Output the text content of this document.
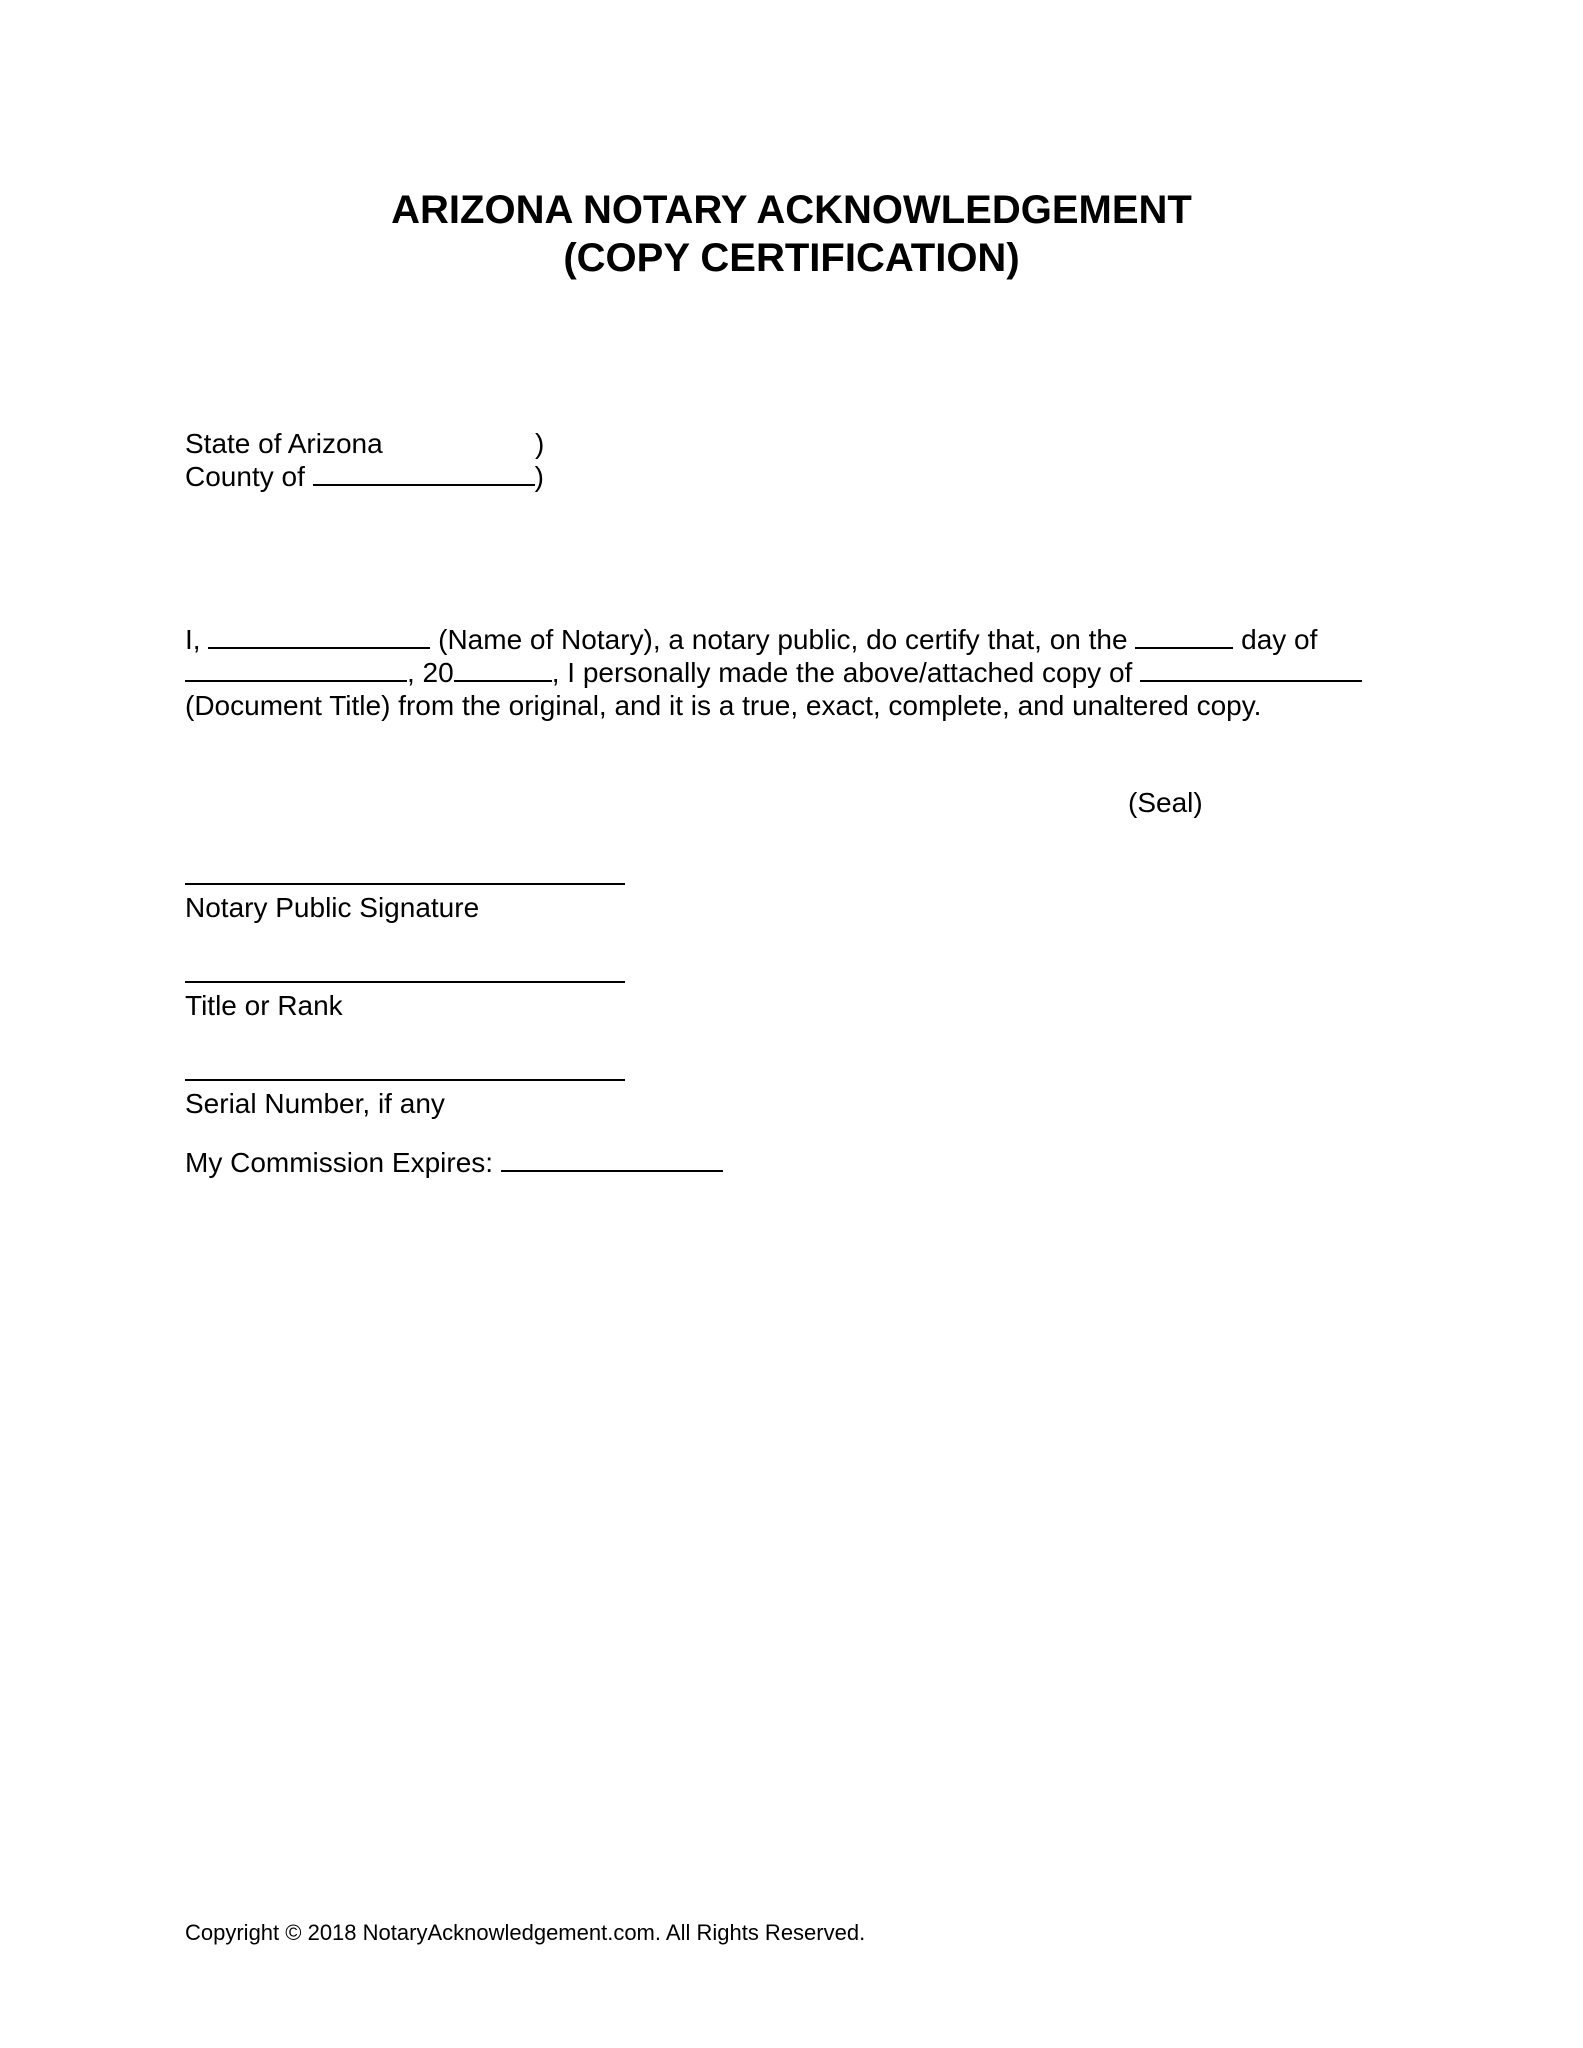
ARIZONA NOTARY ACKNOWLEDGEMENT
(COPY CERTIFICATION)
State of Arizona	)
County of	)
I,	(Name of Notary), a notary public, do certify that, on the	day of
, 20	, I personally made the above/attached copy of
(Document Title) from the original, and it is a true, exact, complete, and unaltered copy.
(Seal)
Notary Public Signature
Title or Rank
Serial Number, if any
My Commission Expires:
Copyright © 2018 NotaryAcknowledgement.com. All Rights Reserved.
